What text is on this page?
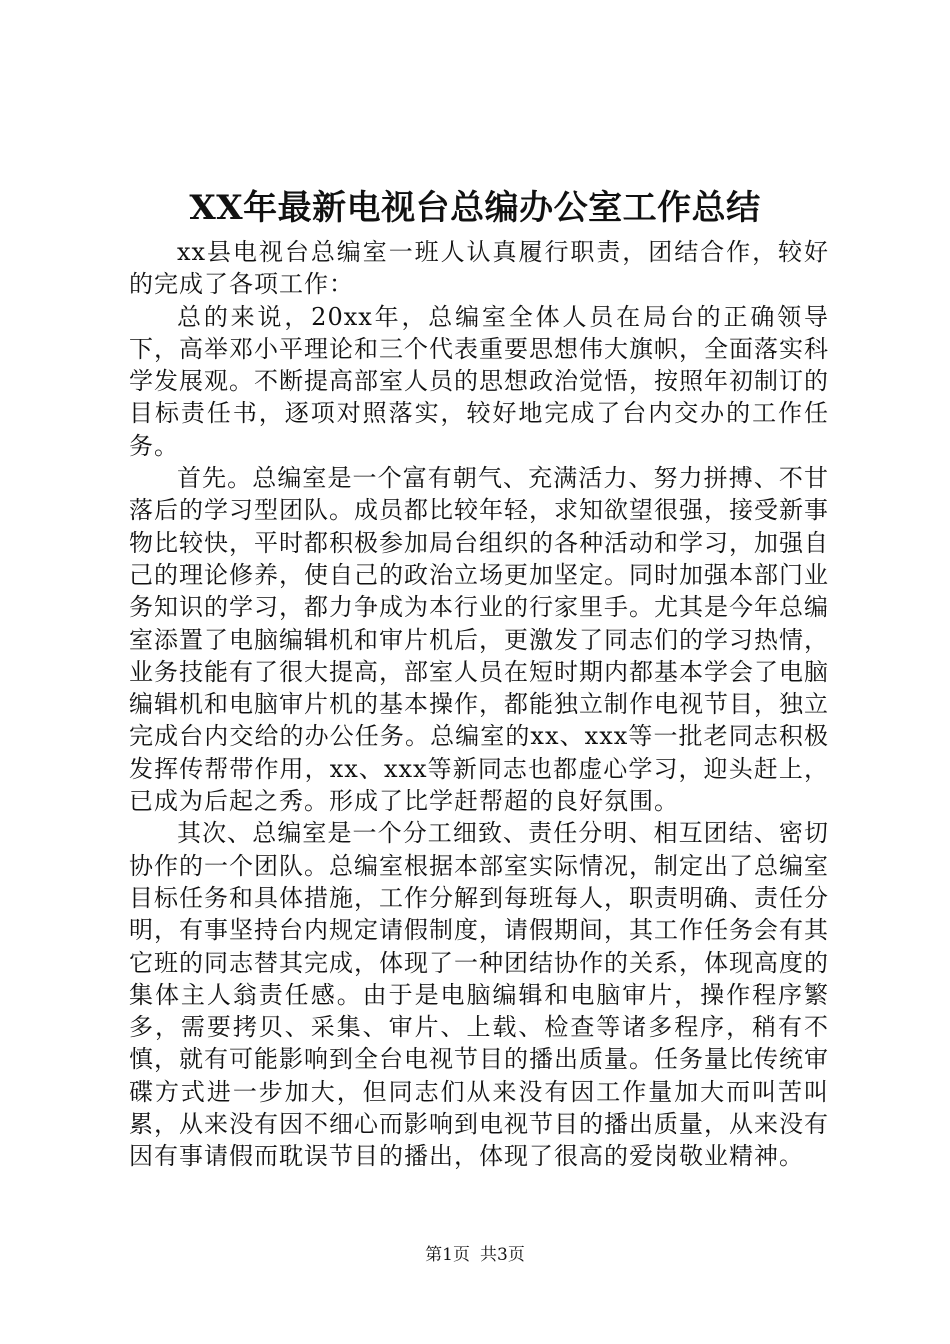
XX年最新电视台总编办公室工作总结

xx县电视台总编室一班人认真履行职责，团结合作，较好的完成了各项工作：

总的来说，20xx年，总编室全体人员在局台的正确领导下，高举邓小平理论和三个代表重要思想伟大旗帜，全面落实科学发展观。不断提高部室人员的思想政治觉悟，按照年初制订的目标责任书，逐项对照落实，较好地完成了台内交办的工作任务。

首先。总编室是一个富有朝气、充满活力、努力拼搏、不甘落后的学习型团队。成员都比较年轻，求知欲望很强，接受新事物比较快，平时都积极参加局台组织的各种活动和学习，加强自己的理论修养，使自己的政治立场更加坚定。同时加强本部门业务知识的学习，都力争成为本行业的行家里手。尤其是今年总编室添置了电脑编辑机和审片机后，更激发了同志们的学习热情，业务技能有了很大提高，部室人员在短时期内都基本学会了电脑编辑机和电脑审片机的基本操作，都能独立制作电视节目，独立完成台内交给的办公任务。总编室的xx、xxx等一批老同志积极发挥传帮带作用，xx、xxx等新同志也都虚心学习，迎头赶上，已成为后起之秀。形成了比学赶帮超的良好氛围。

其次、总编室是一个分工细致、责任分明、相互团结、密切协作的一个团队。总编室根据本部室实际情况，制定出了总编室目标任务和具体措施，工作分解到每班每人，职责明确、责任分明，有事坚持台内规定请假制度，请假期间，其工作任务会有其它班的同志替其完成，体现了一种团结协作的关系，体现高度的集体主人翁责任感。由于是电脑编辑和电脑审片，操作程序繁多，需要拷贝、采集、审片、上载、检查等诸多程序，稍有不慎，就有可能影响到全台电视节目的播出质量。任务量比传统审碟方式进一步加大，但同志们从来没有因工作量加大而叫苦叫累，从来没有因不细心而影响到电视节目的播出质量，从来没有因有事请假而耽误节目的播出，体现了很高的爱岗敬业精神。

第1页 共3页
